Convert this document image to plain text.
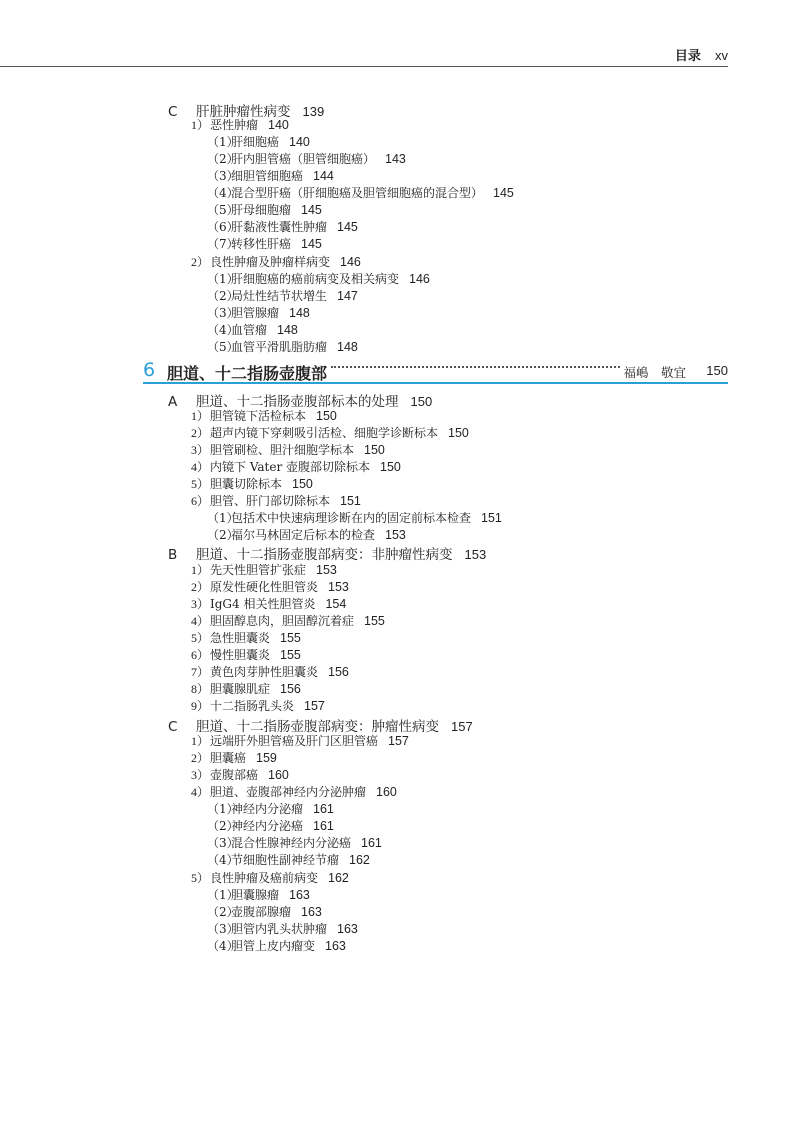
目录 xv
6 胆道、十二指肠壶腹部	福嶋　敬宜 150
C 肝脏肿瘤性病变 139
A 胆道、十二指肠壶腹部标本的处理 150
B 胆道、十二指肠壶腹部病变：非肿瘤性病变 153
C 胆道、十二指肠壶腹部病变：肿瘤性病变 157
1）恶性肿瘤 140
2）良性肿瘤及肿瘤样病变 146
1）胆管镜下活检标本 150
2）超声内镜下穿刺吸引活检、细胞学诊断标本 150
3）胆管刷检、胆汁细胞学标本 150
4）内镜下 Vater 壶腹部切除标本 150
5）胆囊切除标本 150
6）胆管、肝门部切除标本 151
1）先天性胆管扩张症 153
2）原发性硬化性胆管炎 153
3）IgG4 相关性胆管炎 154
4）胆固醇息肉，胆固醇沉着症 155
5）急性胆囊炎 155
6）慢性胆囊炎 155
7）黄色肉芽肿性胆囊炎 156
8）胆囊腺肌症 156
9）十二指肠乳头炎 157
1）远端肝外胆管癌及肝门区胆管癌 157
2）胆囊癌 159
3）壶腹部癌 160
4）胆道、壶腹部神经内分泌肿瘤 160
5）良性肿瘤及癌前病变 162
（1）肝细胞癌 140
（2）肝内胆管癌（胆管细胞癌） 143
（3）细胆管细胞癌 144
（4）混合型肝癌（肝细胞癌及胆管细胞癌的混合型） 145
（5）肝母细胞瘤 145
（6）肝黏液性囊性肿瘤 145
（7）转移性肝癌 145
（1）肝细胞癌的癌前病变及相关病变 146
（2）局灶性结节状增生 147
（3）胆管腺瘤 148
（4）血管瘤 148
（5）血管平滑肌脂肪瘤 148
（1）包括术中快速病理诊断在内的固定前标本检查 151
（2）福尔马林固定后标本的检查 153
（1）神经内分泌瘤 161
（2）神经内分泌癌 161
（3）混合性腺神经内分泌癌 161
（4）节细胞性副神经节瘤 162
（1）胆囊腺瘤 163
（2）壶腹部腺瘤 163
（3）胆管内乳头状肿瘤 163
（4）胆管上皮内瘤变 163
